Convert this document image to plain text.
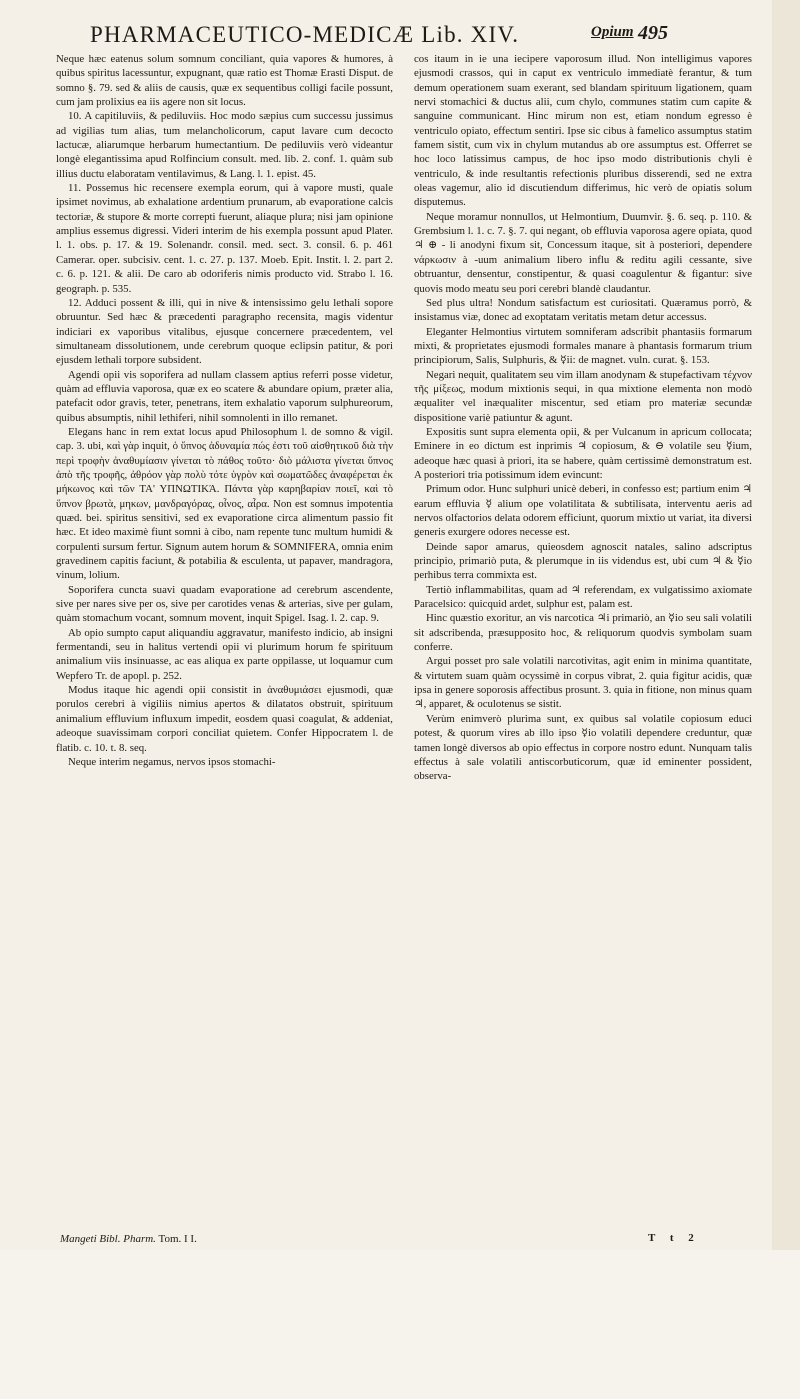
PHARMACEUTICO-MEDICÆ Lib. XIV.	Opium 495

Neque hæc eatenus solum somnum conciliant, quia vapores & humores, à quibus spiritus lacessuntur, expugnant, quæ ratio est Thomæ Erasti Disput. de somno §. 79. sed & aliis de causis, quæ ex sequentibus colligi facile possunt, cum jam prolixius ea iis agere non sit locus.

10. A capitiluviis, & pediluviis. Hoc modo sæpius cum successu jussimus ad vigilias tum alias, tum melancholicorum, caput lavare cum decocto lactucæ, aliarumque herbarum humectantium. De pediluviis verò videantur longè elegantissima apud Rolfincium consult. med. lib. 2. conf. 1. quàm sub illius ductu elaboratam ventilavimus, & Lang. l. 1. epist. 45.

11. Possemus hic recensere exempla eorum, qui à vapore musti, quale ipsimet novimus, ab exhalatione ardentium prunarum, ab evaporatione calcis tectoriæ, & stupore & morte correpti fuerunt, aliaque plura; nisi jam opinione amplius essemus digressi. Videri interim de his exempla possunt apud Plater. l. 1. obs. p. 17. & 19. Solenandr. consil. med. sect. 3. consil. 6. p. 461 Camerar. oper. subcisiv. cent. 1. c. 27. p. 137. Moeb. Epit. Instit. l. 2. part 2. c. 6. p. 121. & alii. De caro ab odoriferis nimis producto vid. Strabo l. 16. geograph. p. 535.

12. Adduci possent & illi, qui in nive & intensissimo gelu lethali sopore obruuntur. Sed hæc & præcedenti paragrapho recensita, magis videntur indiciari ex vaporibus vitalibus, ejusque concernere præcedentem, vel simultaneam dissolutionem, unde cerebrum quoque eclipsin patitur, & pori ejusdem lethali torpore subsident.

Agendi opii vis soporifera ad nullam classem aptius referri posse videtur, quàm ad effluvia vaporosa, quæ ex eo scatere & abundare opium, præter alia, patefacit odor gravis, teter, penetrans, item exhalatio vaporum sulphureorum, quibus absumptis, nihil lethiferi, nihil somnolenti in illo remanet.

Elegans hanc in rem extat locus apud Philosophum l. de somno & vigil. cap. 3. ubi, καὶ γὰρ inquit, ὁ ὕπνος ἀδυναμία πώς ἐστι τοῦ αἰσθητικοῦ διὰ τὴν περὶ τροφὴν ἀναθυμίασιν γίνεται τὸ πάθος τοῦτο· διὸ μάλιστα γίνεται ὕπνος ἀπὸ τῆς τροφῆς, ἀθρόον γὰρ πολὺ τότε ὑγρὸν καὶ σωματῶδες ἀναφέρεται ἐκ μήκωνος καὶ τῶν ΤΑ' ΥΠΝΩΤΙΚΆ. Πάντα γὰρ καρηβαρίαν ποιεῖ, καὶ τὸ ὕπνον βρωτὰ, μηκων, μανδραγόρας, οἶνος, αἶρα. Non est somnus impotentia quæd. bei. spiritus sensitivi, sed ex evaporatione circa alimentum passio fit hæc. Et ideo maximè fiunt somni à cibo, nam repente tunc multum humidi & corpulenti sursum fertur. Signum autem horum & SOMNIFERA, omnia enim gravedinem capitis faciunt, & potabilia & esculenta, ut papaver, mandragora, vinum, lolium.

Soporifera cuncta suavi quadam evaporatione ad cerebrum ascendente, sive per nares sive per os, sive per carotides venas & arterias, sive per gulam, quàm stomachum vocant, somnum movent, inquit Spigel. Isag. l. 2. cap. 9.

Ab opio sumpto caput aliquandiu aggravatur, manifesto indicio, ab insigni fermentandi, seu in halitus vertendi opii vi plurimum horum fe spirituum animalium viis insinuasse, ac eas aliqua ex parte oppilasse, ut loquamur cum Wepfero Tr. de apopl. p. 252.

Modus itaque hic agendi opii consistit in ἀναθυμιάσει ejusmodi, quæ porulos cerebri à vigiliis nimius apertos & dilatatos obstruit, spirituum animalium effluvium influxum impedit, eosdem quasi coagulat, & addeniat, adeoque suavissimam corpori conciliat quietem. Confer Hippocratem l. de flatib. c. 10. t. 8. seq.

Neque interim negamus, nervos ipsos stomachi-

cos itaum in ie una iecipere vaporosum illud. Non intelligimus vapores ejusmodi crassos, qui in caput ex ventriculo immediatè ferantur, & tum demum operationem suam exerant, sed blandam spirituum ligationem, quam nervi stomachici & ductus alii, cum chylo, communes statim cum capite & sanguine communicant. Hinc mirum non est, etiam nondum egresso è ventriculo opiato, effectum sentiri. Ipse sic cibus à famelico assumptus statim famem sistit, cum vix in chylum mutandus ab ore assumptus est. Offerret se hoc loco latissimus campus, de hoc ipso modo distributionis chyli è ventriculo, & inde resultantis refectionis pluribus disserendi, sed ne extra oleas vagemur, alio id discutiendum differimus, hic verò de opiatis solum disputemus.

Neque moramur nonnullos, ut Helmontium, Duumvir. §. 6. seq. p. 110. & Grembsium l. 1. c. 7. §. 7. qui negant, ob effluvia vaporosa agere opiata, quod ♃ ⊕ - li anodyni fixum sit, Concessum itaque, sit à posteriori, dependere νάρκωσιν à -uum animalium libero influ & reditu agili cessante, sive obtruantur, densentur, constipentur, & quasi coagulentur & figantur: sive quovis modo meatu seu pori cerebri blandè claudantur.

Sed plus ultra! Nondum satisfactum est curiositati. Quæramus porrò, & insistamus viæ, donec ad exoptatam veritatis metam detur accessus.

Eleganter Helmontius virtutem somniferam adscribit phantasiis formarum mixti, & proprietates ejusmodi formales manare à phantasis formarum trium principiorum, Salis, Sulphuris, & ☿ii: de magnet. vuln. curat. §. 153.

Negari nequit, qualitatem seu vim illam anodynam & stupefactivam τέχνον τῆς μίξεως, modum mixtionis sequi, in qua mixtione elementa non modò æqualiter vel inæqualiter miscentur, sed etiam pro materiæ secundæ dispositione variè patiuntur & agunt.

Expositis sunt supra elementa opii, & per Vulcanum in apricum collocata; Eminere in eo dictum est inprimis ♃ copiosum, & ⊖ volatile seu ☿ium, adeoque hæc quasi à priori, ita se habere, quàm certissimè demonstratum est. A posteriori tria potissimum idem evincunt:

Primum odor. Hunc sulphuri unicè deberi, in confesso est; partium enim ♃ earum effluvia ☿ alium ope volatilitata & subtilisata, interventu aeris ad nervos olfactorios delata odorem efficiunt, quorum mixtio ut variat, ita diversi generis exurgere odores necesse est.

Deinde sapor amarus, quieosdem agnoscit natales, salino adscriptus principio, primariò puta, & plerumque in iis videndus est, ubi cum ♃ & ☿io perhibus terra commixta est.

Tertiò inflammabilitas, quam ad ♃ referendam, ex vulgatissimo axiomate Paracelsico: quicquid ardet, sulphur est, palam est.

Hinc quæstio exoritur, an vis narcotica ♃i primariò, an ☿io seu sali volatili sit adscribenda, præsupposito hoc, & reliquorum quodvis symbolam suam conferre.

Argui posset pro sale volatili narcotivitas, agit enim in minima quantitate, & virtutem suam quàm ocyssimè in corpus vibrat, 2. quia figitur acidis, quæ ipsa in genere soporosis affectibus prosunt. 3. quia in fitione, non minus quam ♃, apparet, & oculotenus se sistit.

Verùm enimverò plurima sunt, ex quibus sal volatile copiosum educi potest, & quorum vires ab illo ipso ☿io volatili dependere creduntur, quæ tamen longè diversos ab opio effectus in corpore nostro edunt. Nunquam talis effectus à sale volatili antiscorbuticorum, quæ id eminenter possident, observa-

Mangeti Bibl. Pharm. Tom. I I.	T t 2
